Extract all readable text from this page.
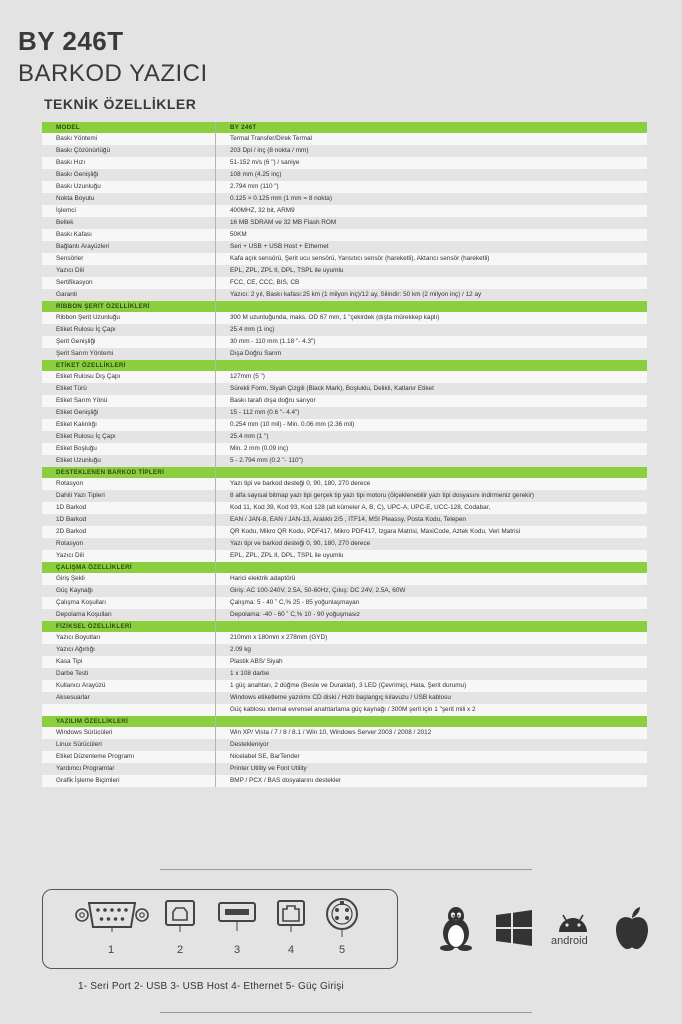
BY 246T
BARKOD YAZICI
TEKNİK ÖZELLİKLER
MODEL	BY 246T
Baskı Yöntemi	Termal Transfer/Direk Termal
Baskı Çözünürlüğü	203 Dpi / inç (8 nokta / mm)
Baskı Hızı	51-152 m/s (6 ") / saniye
Baskı Genişliği	108 mm (4.25 inç)
Baskı Uzunluğu	2.794 mm (110 ")
Nokta Boyutu	0.125 × 0.125 mm (1 mm = 8 nokta)
İşlemci	400MHZ, 32 bit, ARM9
Bellek	16 MB SDRAM ve 32 MB Flash ROM
Baskı Kafası	50KM
Bağlantı Arayüzleri	Seri + USB + USB Host + Ethernet
Sensörler	Kafa açık sensörü, Şerit ucu sensörü, Yansıtıcı sensör (hareketli), Aktarıcı sensör (hareketli)
Yazıcı Dili	EPL, ZPL, ZPL II, DPL, TSPL ile uyumlu
Sertifikasyon	FCC, CE, CCC, BIS, CB
Garanti	Yazıcı: 2 yıl, Baskı kafası:25 km (1 milyon inç)/12 ay, Silindir: 50 km (2 milyon inç) / 12 ay
RİBBON ŞERİT ÖZELLİKLERİ	
Ribbon Şerit Uzunluğu	300 M uzunluğunda, maks. OD 67 mm, 1 "çekirdek (dışta mürekkep kaplı)
Etiket Rulosu İç Çapı	25.4 mm (1 inç)
Şerit Genişliği	30 mm - 110 mm (1.18 "- 4.3")
Şerit Sarım Yöntemi	Dışa Doğru Sarım
ETİKET ÖZELLİKLERİ	
Etiket Rulosu Dış Çapı	127mm (5 ")
Etiket Türü	Sürekli Form, Siyah Çizgili (Black Mark), Boşluklu, Delikli, Katlanır Etiket
Etiket Sarım Yönü	Baskı tarafı dışa doğru sarıyor
Etiket Genişliği	15 - 112 mm (0.6 "- 4.4")
Etiket Kalınlığı	0.254 mm (10 mil) - Min. 0.06 mm (2.36 mil)
Etiket Rulosu İç Çapı	25.4 mm (1 ")
Etiket Boşluğu	Min. 2 mm (0.09 inç)
Etiket Uzunluğu	5 - 2.794 mm (0.2 "- 110")
DESTEKLENEN BARKOD TİPLERİ	
Rotasyon	Yazı tipi ve barkod desteği 0, 90, 180, 270 derece
Dahili Yazı Tipleri	8 alfa sayısal bitmap yazı tipi gerçek tip yazı tipi motoru (ölçeklenebilir yazı tipi dosyasını indirmeniz gerekir)
1D Barkod	Kod 11, Kod 39, Kod 93, Kod 128 (alt kümeler A, B, C), UPC-A, UPC-E, UCC-128, Codabar,
1D Barkod	EAN / JAN-8, EAN / JAN-13, Aralıklı 2/5 , ITF14, MSI Pleassy, Posta Kodu, Telepen
2D Barkod	QR Kodu, Mikro QR Kodu, PDF417, Mikro PDF417, Izgara Matrisi, MaxiCode, Aztek Kodu, Veri Matrisi
Rotasyon	Yazı tipi ve barkod desteği 0, 90, 180, 270 derece
Yazıcı Dili	EPL, ZPL, ZPL II, DPL, TSPL ile uyumlu
ÇALIŞMA ÖZELLİKLERİ	
Giriş Şekli	Harici elektrik adaptörü
Güç Kaynağı	Giriş: AC 100-240V, 2.5A, 50-60Hz, Çıkış: DC 24V, 2.5A, 60W
Çalışma Koşulları	Çalışma: 5 - 40 ˚ C,% 25 - 85 yoğunlaşmayan
Depolama Koşulları	Depolama: -40 - 60 ˚ C,% 10 - 90 yoğuşmasız
FİZİKSEL ÖZELLİKLERİ	
Yazıcı Boyutları	210mm x 180mm x 278mm (GYD)
Yazıcı Ağırlığı	2.09 kg
Kasa Tipi	Plastik ABS/ Siyah
Darbe Testi	1 x 108 darbe
Kullanıcı Arayüzü	1 güç anahtarı, 2 düğme (Besle ve Duraklat), 3 LED (Çevrimiçi, Hata, Şerit durumu)
Aksesuarlar	Windows etiketleme yazılımı CD diski / Hızlı başlangıç kılavuzu / USB kablosu
	Güç kablosu xternal evrensel anahtarlama güç kaynağı / 300M şerit için 1 "şerit mili x 2
YAZILIM ÖZELLİKLERİ	
Windows Sürücüleri	Win XP/ Vista / 7 / 8 / 8.1 / Win 10, Windows Server 2003 / 2008 / 2012
Linux Sürücüleri	Destekleniyor
Etiket Düzenleme Programı	Nicelabel SE, BarTender
Yardımcı Programlar	Printer Utility ve Font Utility
Grafik İşleme Biçimleri	BMP / PCX / BAS dosyalarını destekler
1	2	3	4	5
android
1- Seri Port 2- USB 3- USB Host 4- Ethernet 5- Güç Girişi
